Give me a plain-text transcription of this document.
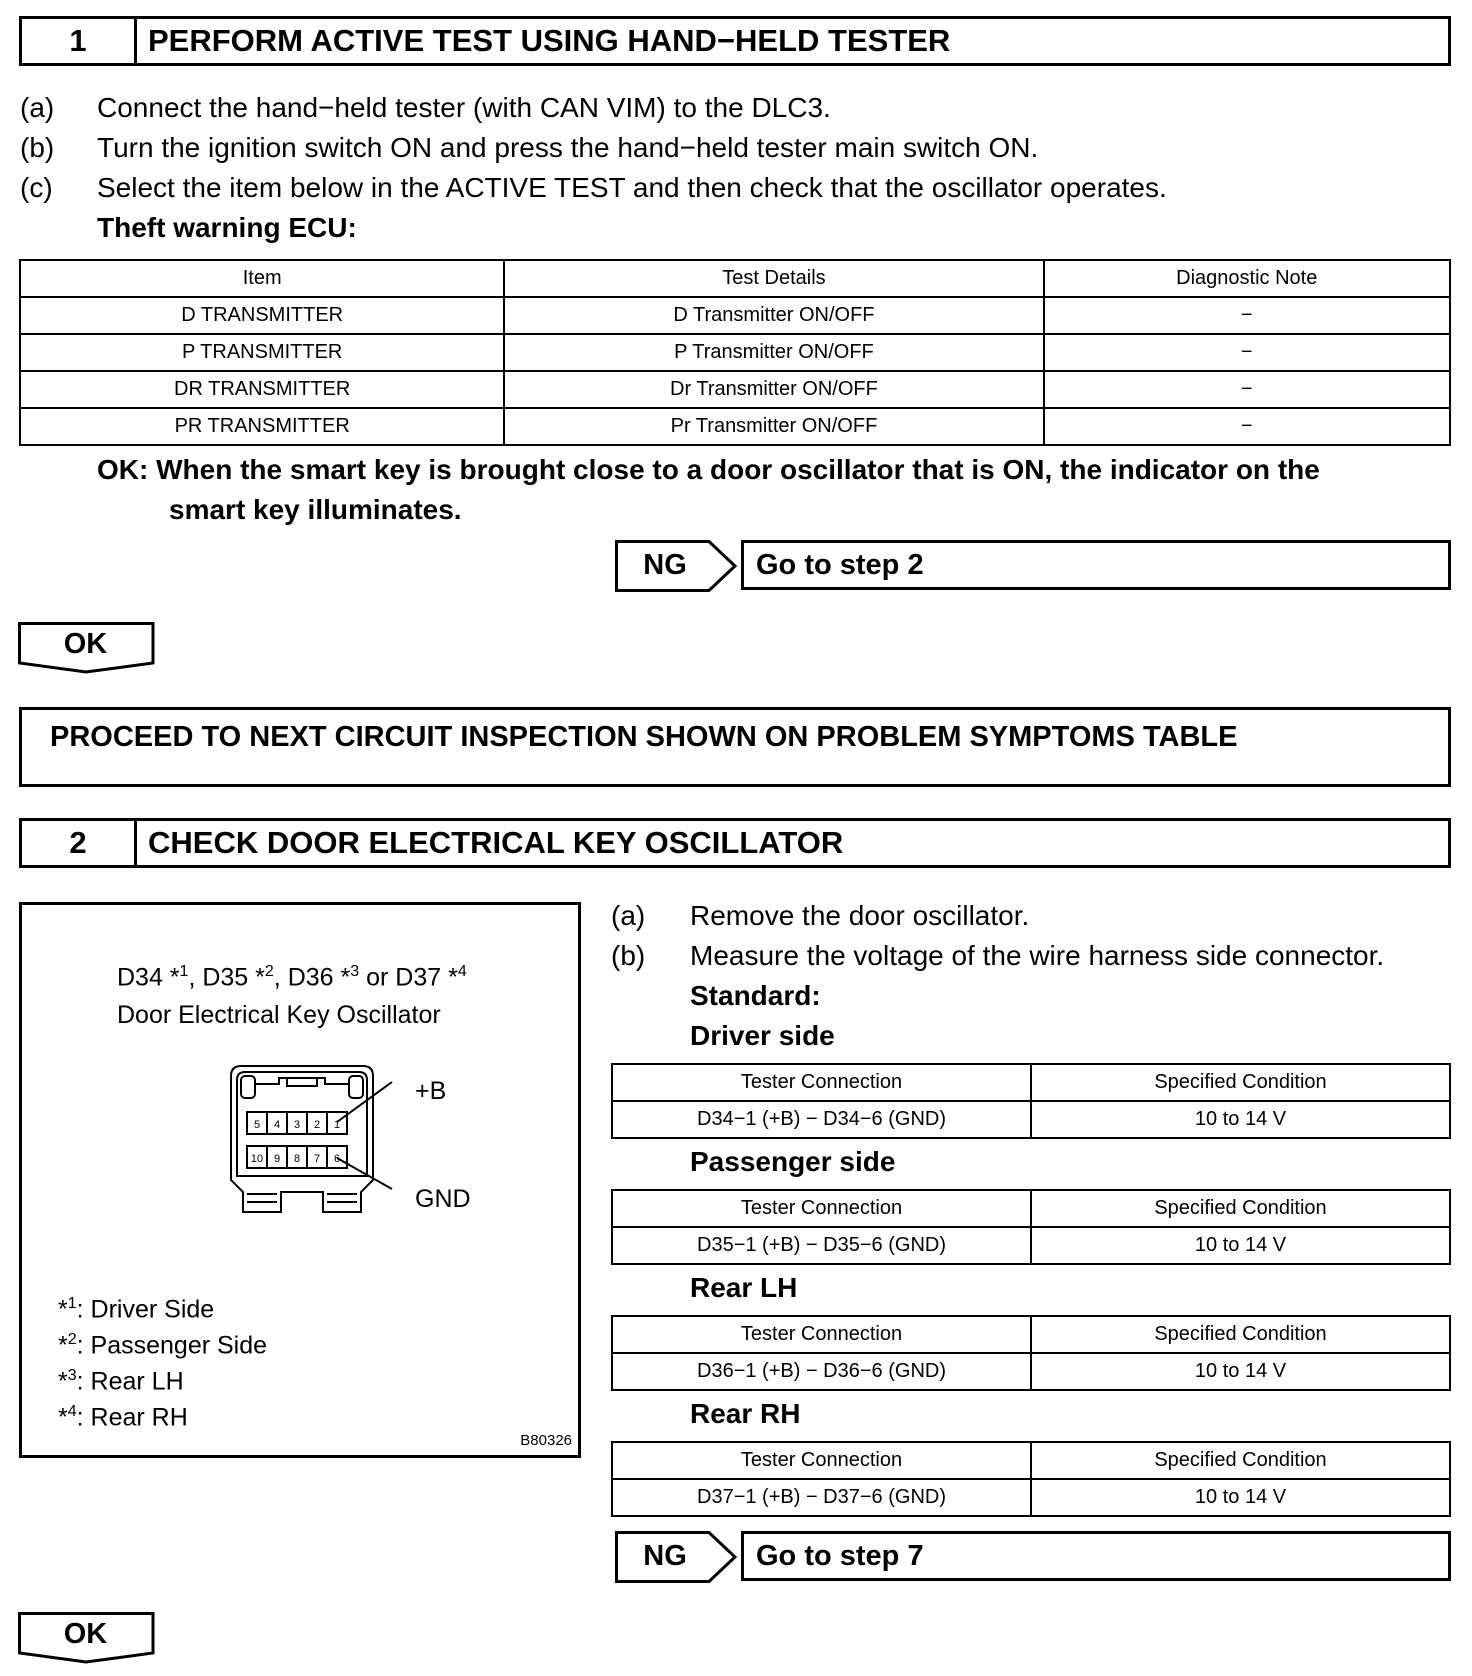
1	PERFORM ACTIVE TEST USING HAND−HELD TESTER
(a) Connect the hand−held tester (with CAN VIM) to the DLC3.
(b) Turn the ignition switch ON and press the hand−held tester main switch ON.
(c) Select the item below in the ACTIVE TEST and then check that the oscillator operates.
Theft warning ECU:
Item	Test Details	Diagnostic Note
D TRANSMITTER	D Transmitter ON/OFF	−
P TRANSMITTER	P Transmitter ON/OFF	−
DR TRANSMITTER	Dr Transmitter ON/OFF	−
PR TRANSMITTER	Pr Transmitter ON/OFF	−
OK: When the smart key is brought close to a door oscillator that is ON, the indicator on the
smart key illuminates.
NG	Go to step 2
OK
PROCEED TO NEXT CIRCUIT INSPECTION SHOWN ON PROBLEM SYMPTOMS TABLE
2	CHECK DOOR ELECTRICAL KEY OSCILLATOR
D34 *$^1$, D35 *$^2$, D36 *$^3$ or D37 *$^4$
Door Electrical Key Oscillator
5 4 3 2 1
10 9 8 7 6
+B
GND
*$^1$: Driver Side
*$^2$: Passenger Side
*$^3$: Rear LH
*$^4$: Rear RH
B80326
(a) Remove the door oscillator.
(b) Measure the voltage of the wire harness side connector.
Standard:
Driver side
Tester Connection	Specified Condition
D34−1 (+B) − D34−6 (GND)	10 to 14 V
Passenger side
Tester Connection	Specified Condition
D35−1 (+B) − D35−6 (GND)	10 to 14 V
Rear LH
Tester Connection	Specified Condition
D36−1 (+B) − D36−6 (GND)	10 to 14 V
Rear RH
Tester Connection	Specified Condition
D37−1 (+B) − D37−6 (GND)	10 to 14 V
NG	Go to step 7
OK
